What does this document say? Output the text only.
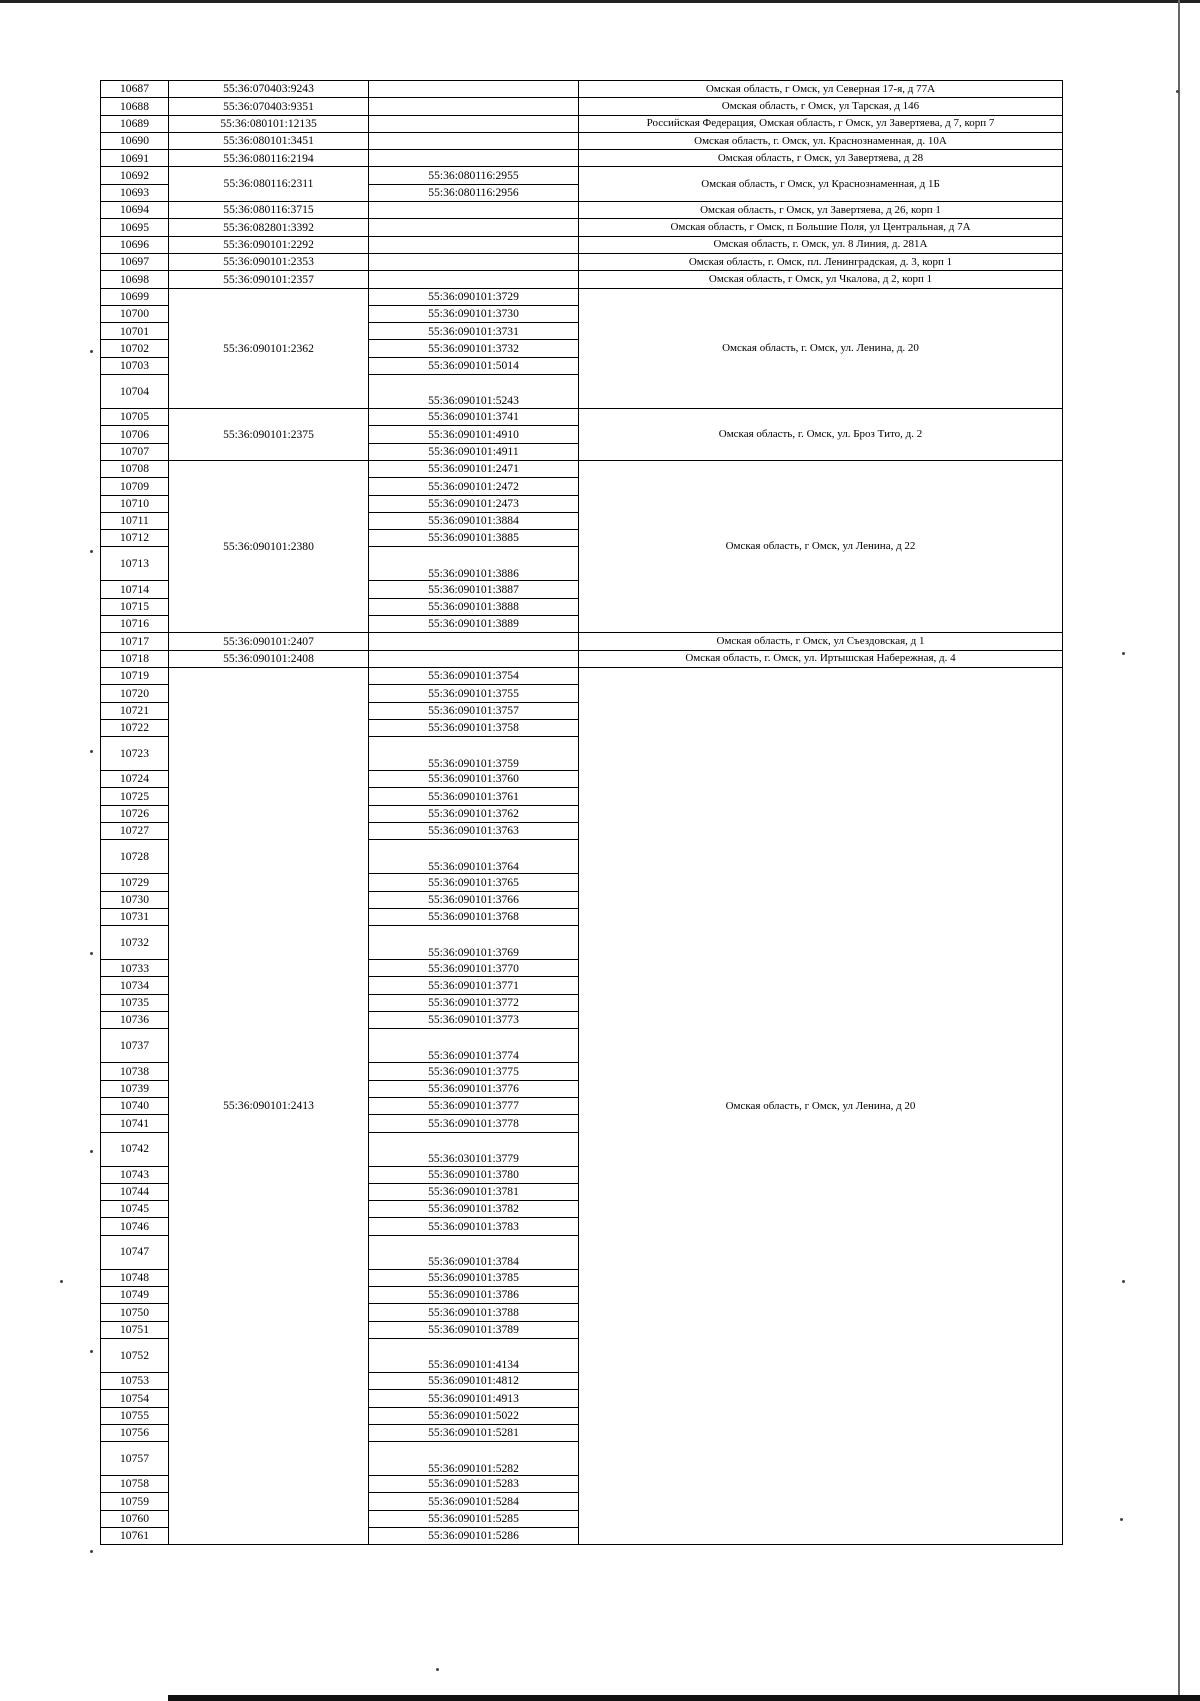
10687	55:36:070403:9243		Омская область, г Омск, ул Северная 17-я, д 77А
10688	55:36:070403:9351		Омская область, г Омск, ул Тарская, д 146
10689	55:36:080101:12135		Российская Федерация, Омская область, г Омск, ул Завертяева, д 7, корп 7
10690	55:36:080101:3451		Омская область, г. Омск, ул. Краснознаменная, д. 10А
10691	55:36:080116:2194		Омская область, г Омск, ул Завертяева, д 28
10692	55:36:080116:2311	55:36:080116:2955	Омская область, г Омск, ул Краснознаменная, д 1Б
10693		55:36:080116:2956	
10694	55:36:080116:3715		Омская область, г Омск, ул Завертяева, д 26, корп 1
10695	55:36:082801:3392		Омская область, г Омск, п Большие Поля, ул Центральная, д 7А
10696	55:36:090101:2292		Омская область, г. Омск, ул. 8 Линия, д. 281А
10697	55:36:090101:2353		Омская область, г. Омск, пл. Ленинградская, д. 3, корп 1
10698	55:36:090101:2357		Омская область, г Омск, ул Чкалова, д 2, корп 1
10699	55:36:090101:2362	55:36:090101:3729	Омская область, г. Омск, ул. Ленина, д. 20
10700		55:36:090101:3730	
10701		55:36:090101:3731	
10702		55:36:090101:3732	
10703		55:36:090101:5014	
10704		55:36:090101:5243	
10705	55:36:090101:2375	55:36:090101:3741	Омская область, г. Омск, ул. Броз Тито, д. 2
10706		55:36:090101:4910	
10707		55:36:090101:4911	
10708	55:36:090101:2380	55:36:090101:2471	Омская область, г Омск, ул Ленина, д 22
10709		55:36:090101:2472	
10710		55:36:090101:2473	
10711		55:36:090101:3884	
10712		55:36:090101:3885	
10713		55:36:090101:3886	
10714		55:36:090101:3887	
10715		55:36:090101:3888	
10716		55:36:090101:3889	
10717	55:36:090101:2407		Омская область, г Омск, ул Съездовская, д 1
10718	55:36:090101:2408		Омская область, г. Омск, ул. Иртышская Набережная, д. 4
10719	55:36:090101:2413	55:36:090101:3754	Омская область, г Омск, ул Ленина, д 20
10720		55:36:090101:3755	
10721		55:36:090101:3757	
10722		55:36:090101:3758	
10723		55:36:090101:3759	
10724		55:36:090101:3760	
10725		55:36:090101:3761	
10726		55:36:090101:3762	
10727		55:36:090101:3763	
10728		55:36:090101:3764	
10729		55:36:090101:3765	
10730		55:36:090101:3766	
10731		55:36:090101:3768	
10732		55:36:090101:3769	
10733		55:36:090101:3770	
10734		55:36:090101:3771	
10735		55:36:090101:3772	
10736		55:36:090101:3773	
10737		55:36:090101:3774	
10738		55:36:090101:3775	
10739		55:36:090101:3776	
10740		55:36:090101:3777	
10741		55:36:090101:3778	
10742		55:36:030101:3779	
10743		55:36:090101:3780	
10744		55:36:090101:3781	
10745		55:36:090101:3782	
10746		55:36:090101:3783	
10747		55:36:090101:3784	
10748		55:36:090101:3785	
10749		55:36:090101:3786	
10750		55:36:090101:3788	
10751		55:36:090101:3789	
10752		55:36:090101:4134	
10753		55:36:090101:4812	
10754		55:36:090101:4913	
10755		55:36:090101:5022	
10756		55:36:090101:5281	
10757		55:36:090101:5282	
10758		55:36:090101:5283	
10759		55:36:090101:5284	
10760		55:36:090101:5285	
10761		55:36:090101:5286	
